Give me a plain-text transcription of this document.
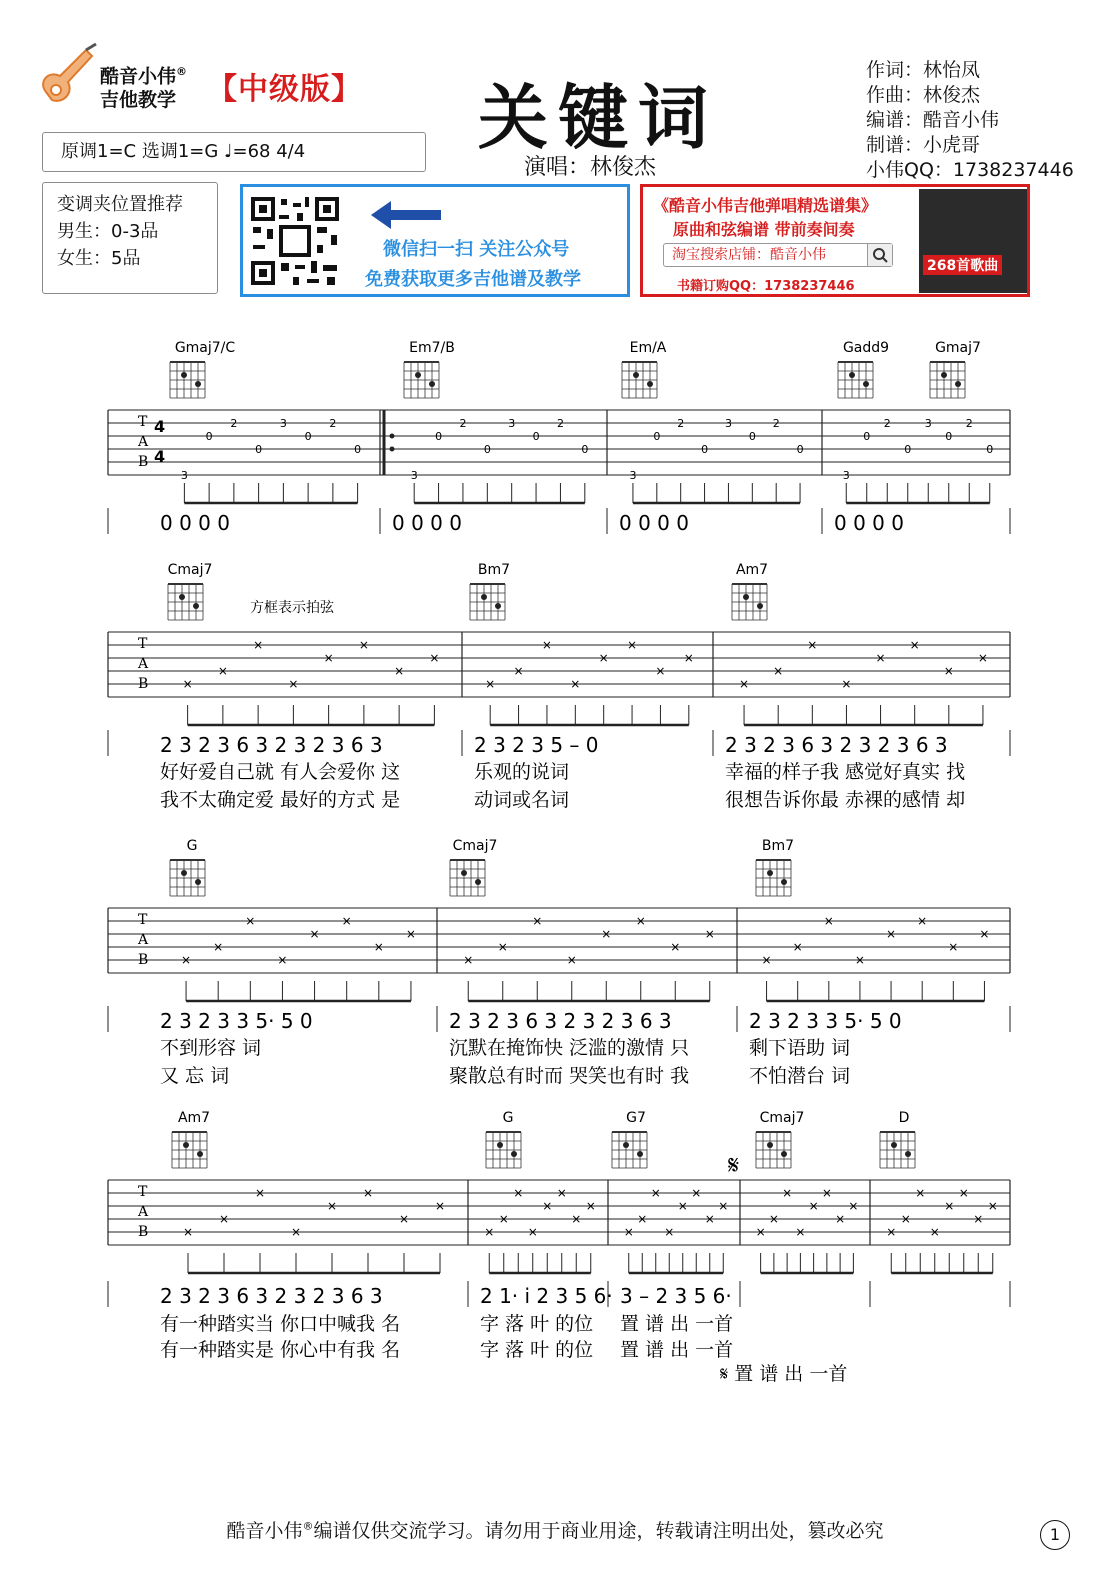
酷音小伟®
吉他教学	【中级版】 关键词
演唱：林俊杰
作词：林怡凤
作曲：林俊杰
编谱：酷音小伟
制谱：小虎哥
小伟QQ：1738237446
原调1=C 选调1=G ♩=68 4/4
变调夹位置推荐
男生：0-3品
女生：5品	微信扫一扫 关注公众号
免费获取更多吉他谱及教学
《酷音小伟吉他弹唱精选谱集》
原曲和弦编谱 带前奏间奏
淘宝搜索店铺：酷音小伟
书籍订购QQ：1738237446
268首歌曲
T
A
B
4
4
Gmaj7/C	Em7/B	Em/A	Gadd9	Gmaj7
3
0
2
0
3
0
2
0
3
0
2
0
3
0
2
0
3
0
2
0
3
0
2
0
3
0
2
0
3
0
2
0
0 0 0 0	0 0 0 0	0 0 0 0	0 0 0 0
T
A
B
Cmaj7	Bm7	Am7
×
×
×
×
×
×
×
×
×
×
×
×
×
×
×
×
×
×
×
×
×
×
×
×
方框表示拍弦
2 3 2 3 6 3 2 3 2 3 6 3	2 3 2 3 5 – 0	2 3 2 3 6 3 2 3 2 3 6 3
好好爱自己就 有人会爱你 这	乐观的说词	幸福的样子我 感觉好真实 找
我不太确定爱 最好的方式 是	动词或名词	很想告诉你最 赤裸的感情 却
T
A
B
G	Cmaj7	Bm7
×
×
×
×
×
×
×
×
×
×
×
×
×
×
×
×
×
×
×
×
×
×
×
×
2 3 2 3 3 5· 5 0	2 3 2 3 6 3 2 3 2 3 6 3	2 3 2 3 3 5· 5 0
不到形容 词	沉默在掩饰快 泛滥的激情 只	剩下语助 词
又 忘 词	聚散总有时而 哭笑也有时 我	不怕潜台 词
T
A
B
Am7	G	G7	Cmaj7	D
×
×
×
×
×
×
×
×
×
×
×
×
×
×
×
×
×
×
×
×
×
×
×
×
×
×
×
×
×
×
×
×
×
×
×
×
×
×
×
×
2 3 2 3 6 3 2 3 2 3 6 3	2 1· i 2 3 5 6· 3 – 2 3 5 6·
有一种踏实当 你口中喊我 名	字 落 叶 的位 置 谱 出 一首
有一种踏实是 你心中有我 名	字 落 叶 的位 置 谱 出 一首
𝄋 置 谱 出 一首
𝄋
酷音小伟®编谱仅供交流学习。请勿用于商业用途，转载请注明出处，篡改必究	1
